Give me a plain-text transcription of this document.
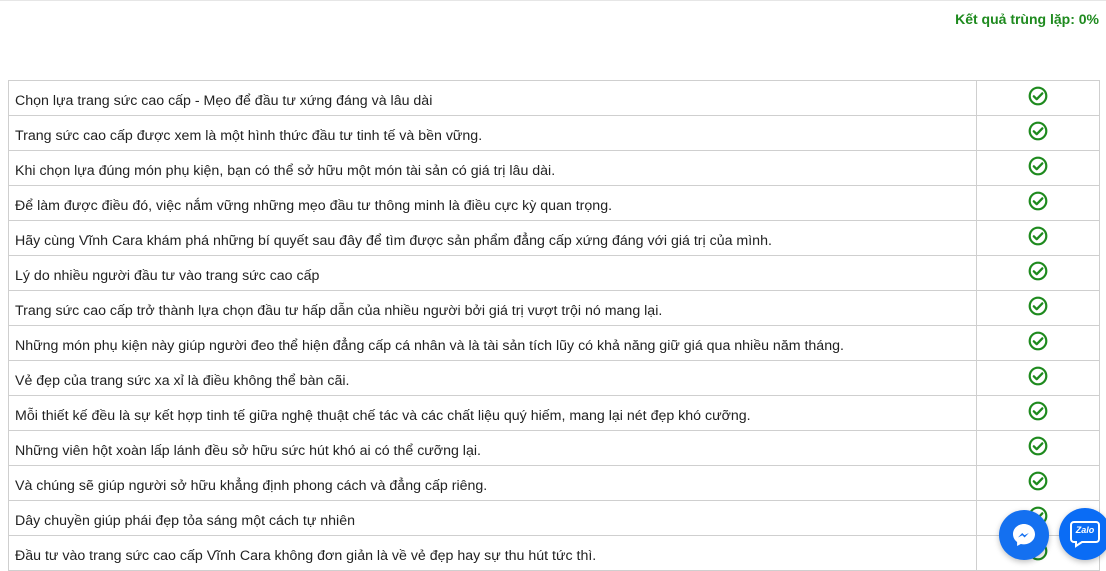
Kết quả trùng lặp: 0%
Chọn lựa trang sức cao cấp - Mẹo để đầu tư xứng đáng và lâu dài	
Trang sức cao cấp được xem là một hình thức đầu tư tinh tế và bền vững.	
Khi chọn lựa đúng món phụ kiện, bạn có thể sở hữu một món tài sản có giá trị lâu dài.	
Để làm được điều đó, việc nắm vững những mẹo đầu tư thông minh là điều cực kỳ quan trọng.	
Hãy cùng Vĩnh Cara khám phá những bí quyết sau đây để tìm được sản phẩm đẳng cấp xứng đáng với giá trị của mình.	
Lý do nhiều người đầu tư vào trang sức cao cấp	
Trang sức cao cấp trở thành lựa chọn đầu tư hấp dẫn của nhiều người bởi giá trị vượt trội nó mang lại.	
Những món phụ kiện này giúp người đeo thể hiện đẳng cấp cá nhân và là tài sản tích lũy có khả năng giữ giá qua nhiều năm tháng.	
Vẻ đẹp của trang sức xa xỉ là điều không thể bàn cãi.	
Mỗi thiết kế đều là sự kết hợp tinh tế giữa nghệ thuật chế tác và các chất liệu quý hiếm, mang lại nét đẹp khó cưỡng.	
Những viên hột xoàn lấp lánh đều sở hữu sức hút khó ai có thể cưỡng lại.	
Và chúng sẽ giúp người sở hữu khẳng định phong cách và đẳng cấp riêng.	
Dây chuyền giúp phái đẹp tỏa sáng một cách tự nhiên	
Đầu tư vào trang sức cao cấp Vĩnh Cara không đơn giản là về vẻ đẹp hay sự thu hút tức thì.	
Zalo
